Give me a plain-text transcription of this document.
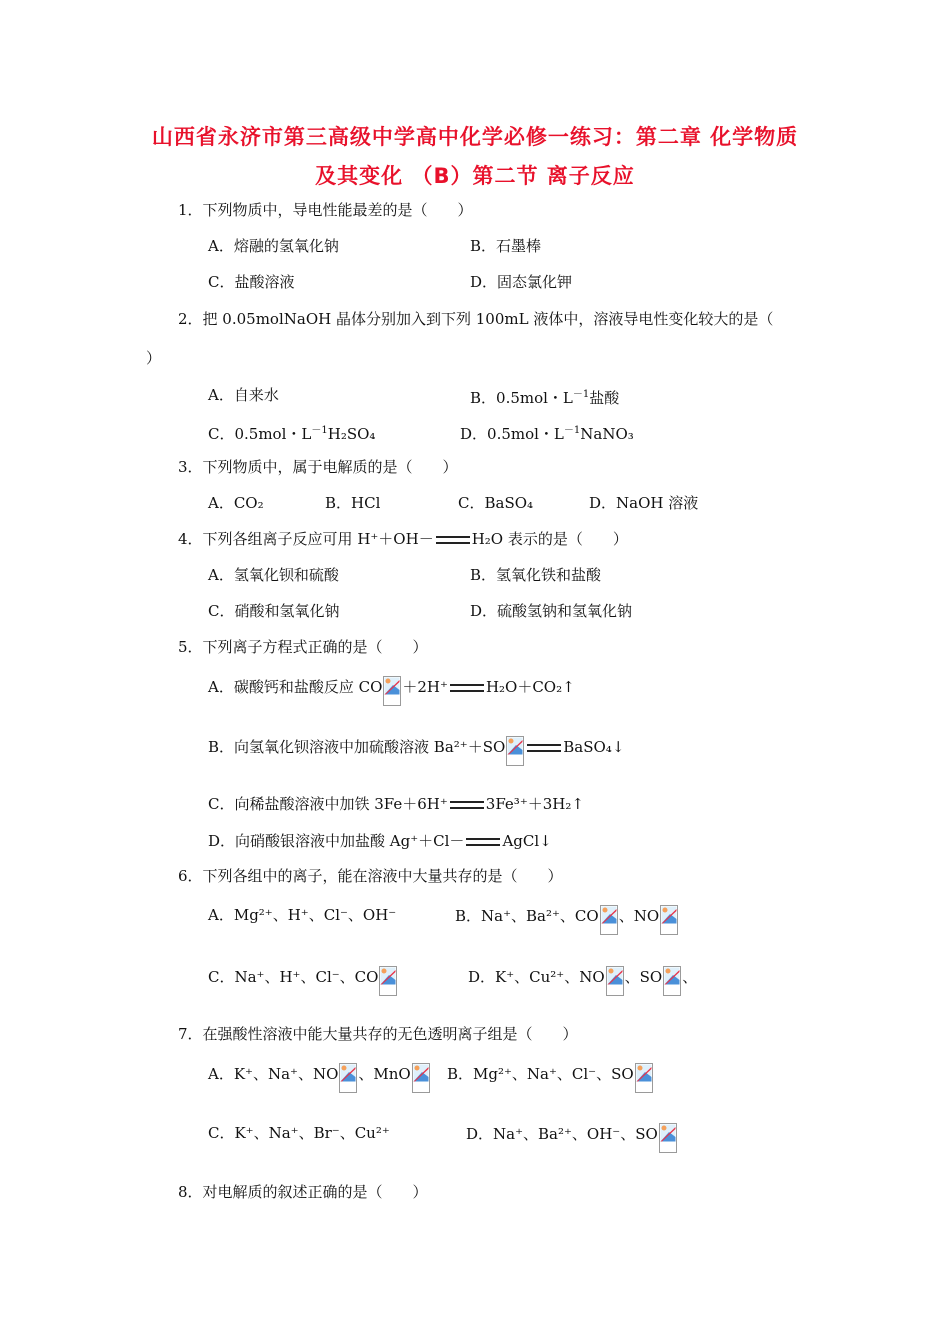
山西省永济市第三高级中学高中化学必修一练习：第二章 化学物质
及其变化 （B）第二节 离子反应
1．下列物质中，导电性能最差的是（　　）
A．熔融的氢氧化钠	B．石墨棒
C．盐酸溶液	D．固态氯化钾
2．把 0.05molNaOH 晶体分别加入到下列 100mL 液体中，溶液导电性变化较大的是（
）
A．自来水	B．0.5mol・$L^{-1}$盐酸
C．0.5mol・$L^{-1}H_2SO_4$	D．0.5mol・$L^{-1}NaNO_3$
3．下列物质中，属于电解质的是（　　）
A．CO₂	B．HCl	C．BaSO₄	D．NaOH 溶液
4．下列各组离子反应可用 H⁺＋OH－	H₂O 表示的是（　　）
A．氢氧化钡和硫酸	B．氢氧化铁和盐酸
C．硝酸和氢氧化钠	D．硫酸氢钠和氢氧化钠
5．下列离子方程式正确的是（　　）
A．碳酸钙和盐酸反应 CO ＋2H⁺	H₂O＋CO₂↑
B．向氢氧化钡溶液中加硫酸溶液 Ba²⁺＋SO	BaSO₄↓
C．向稀盐酸溶液中加铁 3Fe＋6H⁺	3Fe³⁺＋3H₂↑
D．向硝酸银溶液中加盐酸 Ag⁺＋Cl－	AgCl↓
6．下列各组中的离子，能在溶液中大量共存的是（　　）
A．Mg²⁺、H⁺、Cl⁻、OH⁻	B．Na⁺、Ba²⁺、CO 、NO
C．Na⁺、H⁺、Cl⁻、CO	D．K⁺、Cu²⁺、NO 、SO 、
7．在强酸性溶液中能大量共存的无色透明离子组是（　　）
A．K⁺、Na⁺、NO 、MnO	B．Mg²⁺、Na⁺、Cl⁻、SO
C．K⁺、Na⁺、Br⁻、Cu²⁺	D．Na⁺、Ba²⁺、OH⁻、SO
8．对电解质的叙述正确的是（　　）
